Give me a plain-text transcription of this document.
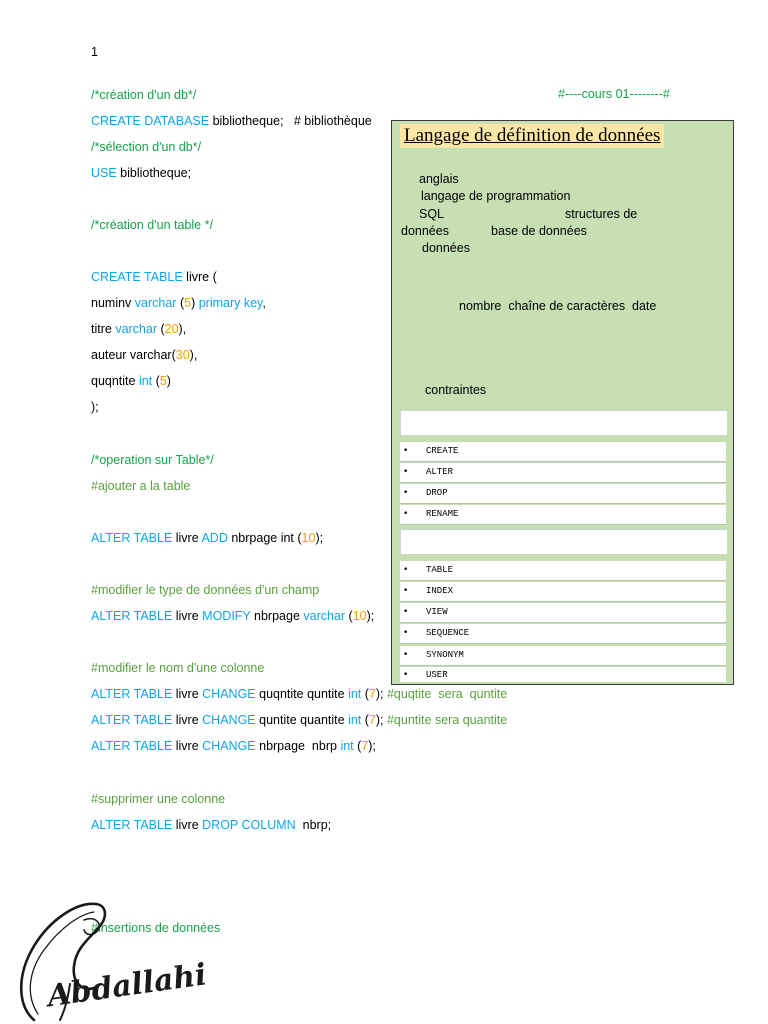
1
#----cours 01--------#
/*création d'un db*/
CREATE DATABASE bibliotheque;   # bibliothèque
/*sélection d'un db*/
USE bibliotheque;
/*création d'un table */
CREATE TABLE livre (
numinv varchar (5) primary key,
titre varchar (20),
auteur varchar(30),
quqntite int (5)
);
/*operation sur Table*/
#ajouter a la table
ALTER TABLE livre ADD nbrpage int (10);
#modifier le type de données d'un champ
ALTER TABLE livre MODIFY nbrpage varchar (10);
#modifier le nom d'une colonne
ALTER TABLE livre CHANGE quqntite quntite int (7); #quqtite  sera  quntite
ALTER TABLE livre CHANGE quntite quantite int (7); #quntite sera quantite
ALTER TABLE livre CHANGE nbrpage  nbrp int (7);
#supprimer une colonne
ALTER TABLE livre DROP COLUMN  nbrp;
#insertions de données
Langage de définition de données
anglais
langage de programmation
SQL	structures de
données	base de données
données
nombre  chaîne de caractères  date
contraintes
• CREATE
• ALTER
• DROP
• RENAME
• TABLE
• INDEX
• VIEW
• SEQUENCE
• SYNONYM
• USER
Abdallahi
